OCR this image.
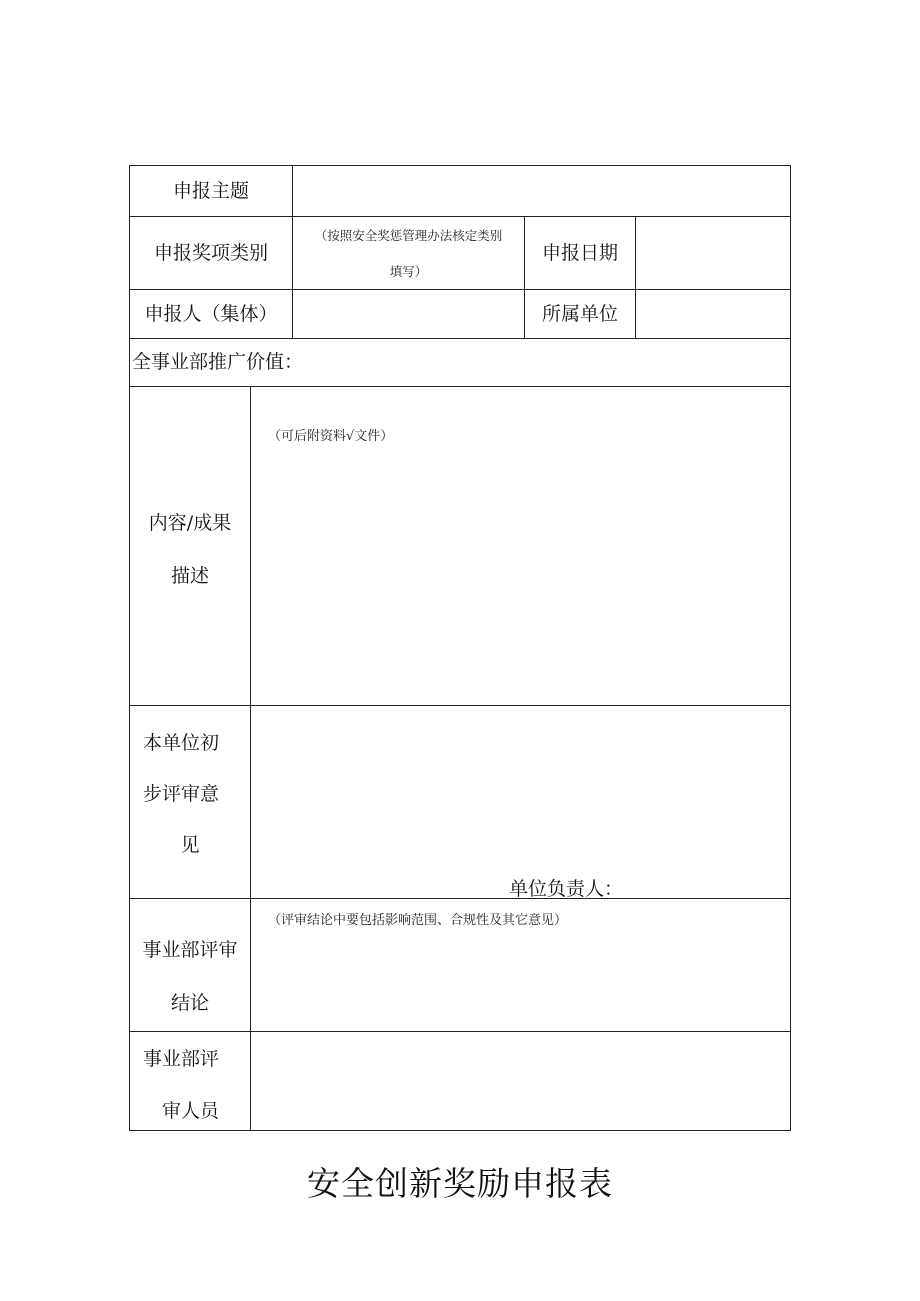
申报主题
申报奖项类别
（按照安全奖惩管理办法核定类别
填写）
申报日期
申报人（集体）	所属单位
全事业部推广价值：
内容/成果
描述
（可后附资料√文件）
本单位初
步评审意
见
单位负责人：
事业部评审
结论
（评审结论中要包括影响范围、合规性及其它意见）
事业部评
审人员
安全创新奖励申报表
